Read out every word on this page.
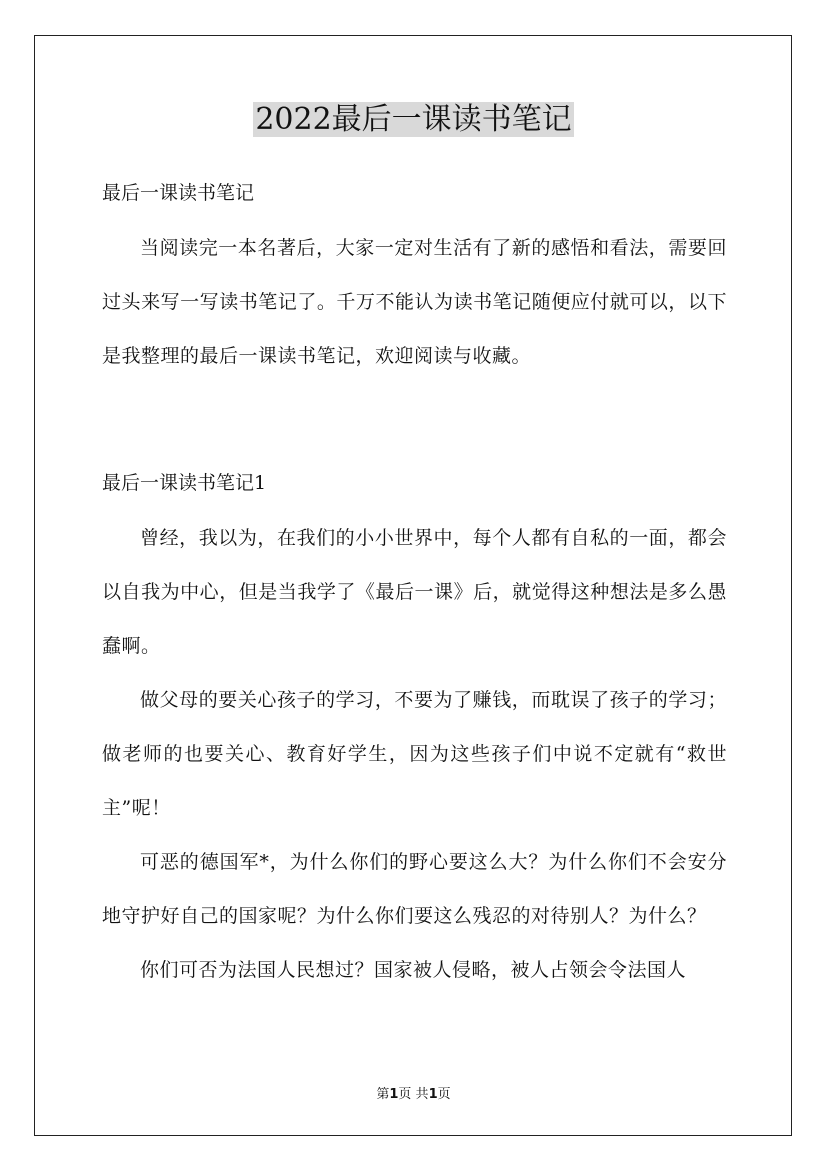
2022最后一课读书笔记

最后一课读书笔记

当阅读完一本名著后，大家一定对生活有了新的感悟和看法，需要回过头来写一写读书笔记了。千万不能认为读书笔记随便应付就可以，以下是我整理的最后一课读书笔记，欢迎阅读与收藏。

最后一课读书笔记1

曾经，我以为，在我们的小小世界中，每个人都有自私的一面，都会以自我为中心，但是当我学了《最后一课》后，就觉得这种想法是多么愚蠢啊。

做父母的要关心孩子的学习，不要为了赚钱，而耽误了孩子的学习；做老师的也要关心、教育好学生，因为这些孩子们中说不定就有“救世主”呢！

可恶的德国军*，为什么你们的野心要这么大？为什么你们不会安分地守护好自己的国家呢？为什么你们要这么残忍的对待别人？为什么？

你们可否为法国人民想过？国家被人侵略，被人占领会令法国人

第1页 共1页
